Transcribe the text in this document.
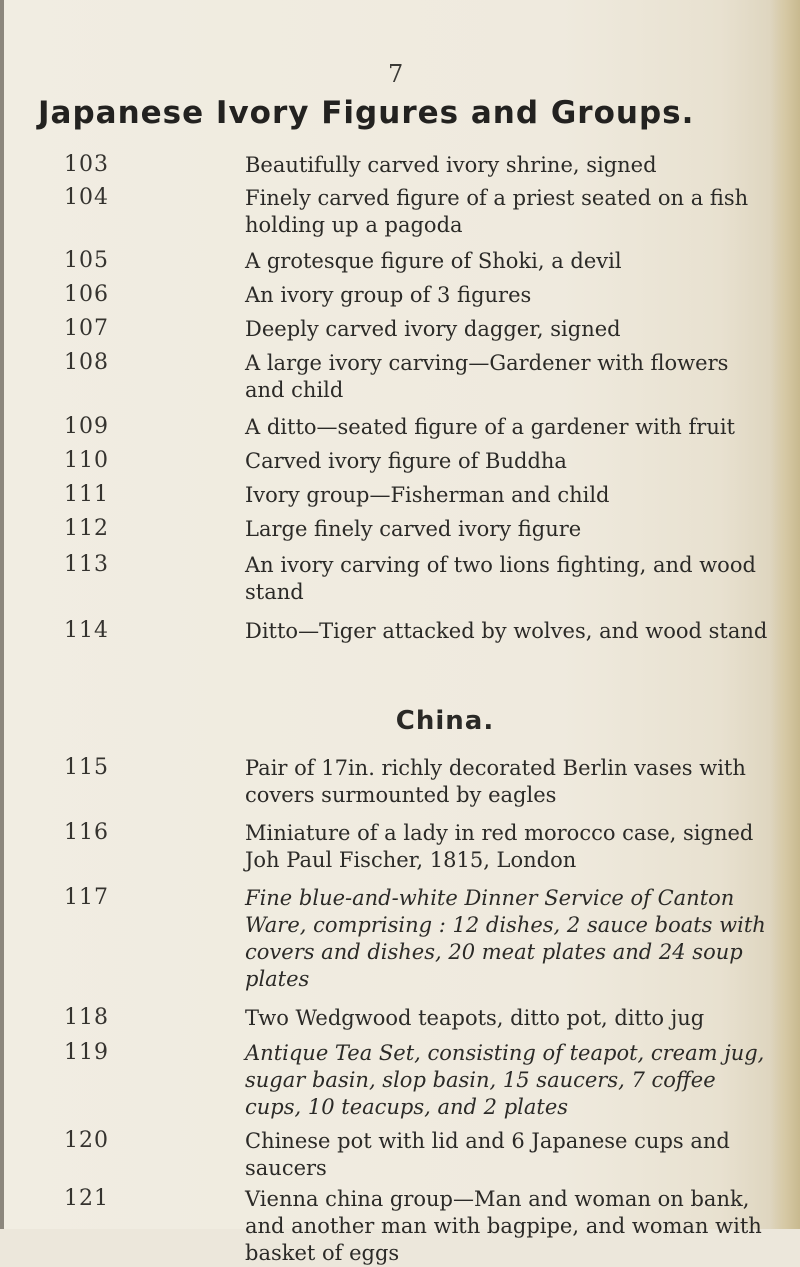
7
Japanese Ivory Figures and Groups.
103	Beautifully carved ivory shrine, signed
104	Finely carved figure of a priest seated on a fish holding up a pagoda
105	A grotesque figure of Shoki, a devil
106	An ivory group of 3 figures
107	Deeply carved ivory dagger, signed
108	A large ivory carving—Gardener with flowers and child
109	A ditto—seated figure of a gardener with fruit
110	Carved ivory figure of Buddha
111	Ivory group—Fisherman and child
112	Large finely carved ivory figure
113	An ivory carving of two lions fighting, and wood stand
114	Ditto—Tiger attacked by wolves, and wood stand
China.
115	Pair of 17in. richly decorated Berlin vases with covers surmounted by eagles
116	Miniature of a lady in red morocco case, signed Joh Paul Fischer, 1815, London
117	Fine blue-and-white Dinner Service of Canton Ware, comprising : 12 dishes, 2 sauce boats with covers and dishes, 20 meat plates and 24 soup plates
118	Two Wedgwood teapots, ditto pot, ditto jug
119	Antique Tea Set, consisting of teapot, cream jug, sugar basin, slop basin, 15 saucers, 7 coffee cups, 10 teacups, and 2 plates
120	Chinese pot with lid and 6 Japanese cups and saucers
121	Vienna china group—Man and woman on bank, and another man with bagpipe, and woman with basket of eggs
